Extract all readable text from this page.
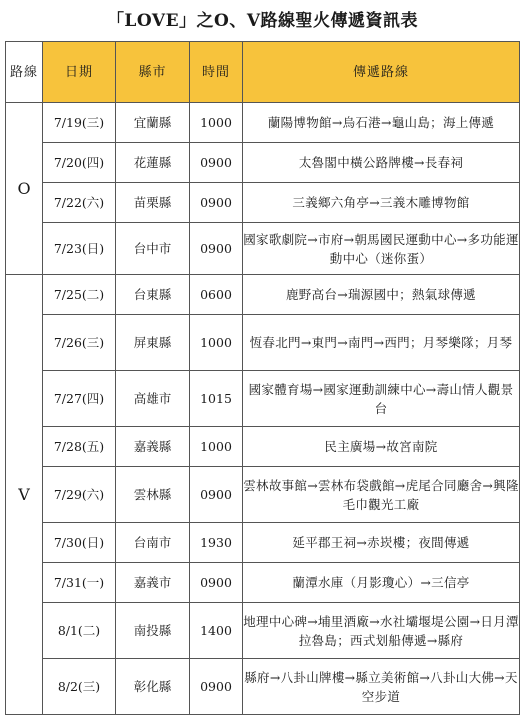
「LOVE」之O、V路線聖火傳遞資訊表
路線	日期	縣市	時間	傳遞路線
O	7/19(三)	宜蘭縣	1000	蘭陽博物館→烏石港→龜山島；海上傳遞
	7/20(四)	花蓮縣	0900	太魯閣中橫公路牌樓→長春祠
	7/22(六)	苗栗縣	0900	三義鄉六角亭→三義木雕博物館
	7/23(日)	台中市	0900	國家歌劇院→市府→朝馬國民運動中心→多功能運動中心（迷你蛋）
V	7/25(二)	台東縣	0600	鹿野高台→瑞源國中；熱氣球傳遞
	7/26(三)	屏東縣	1000	恆春北門→東門→南門→西門；月琴樂隊；月琴
	7/27(四)	高雄市	1015	國家體育場→國家運動訓練中心→壽山情人觀景台
	7/28(五)	嘉義縣	1000	民主廣場→故宮南院
	7/29(六)	雲林縣	0900	雲林故事館→雲林布袋戲館→虎尾合同廳舍→興隆毛巾觀光工廠
	7/30(日)	台南市	1930	延平郡王祠→赤崁樓；夜間傳遞
	7/31(一)	嘉義市	0900	蘭潭水庫（月影瓊心）→三信亭
	8/1(二)	南投縣	1400	地理中心碑→埔里酒廠→水社壩堰堤公園→日月潭拉魯島；西式划船傳遞→縣府
	8/2(三)	彰化縣	0900	縣府→八卦山牌樓→縣立美術館→八卦山大佛→天空步道
